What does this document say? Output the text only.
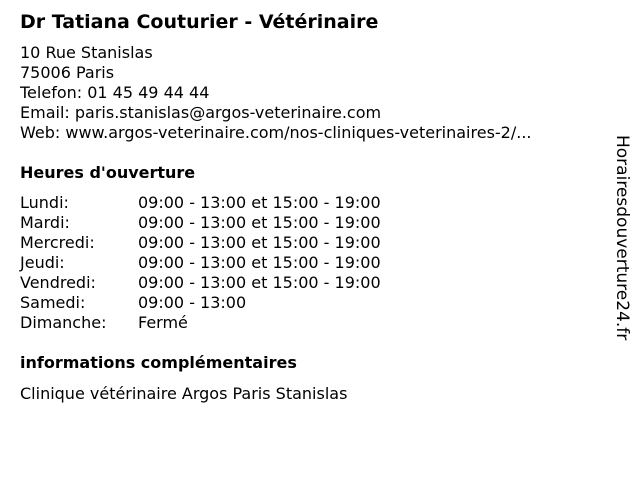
Dr Tatiana Couturier - Vétérinaire
10 Rue Stanislas
75006 Paris
Telefon: 01 45 49 44 44
Email: paris.stanislas@argos-veterinaire.com
Web: www.argos-veterinaire.com/nos-cliniques-veterinaires-2/...
Heures d'ouverture
Lundi:	09:00 - 13:00 et 15:00 - 19:00
Mardi:	09:00 - 13:00 et 15:00 - 19:00
Mercredi:	09:00 - 13:00 et 15:00 - 19:00
Jeudi:	09:00 - 13:00 et 15:00 - 19:00
Vendredi:	09:00 - 13:00 et 15:00 - 19:00
Samedi:	09:00 - 13:00
Dimanche:	Fermé
informations complémentaires
Clinique vétérinaire Argos Paris Stanislas
Horairesdouverture24.fr
